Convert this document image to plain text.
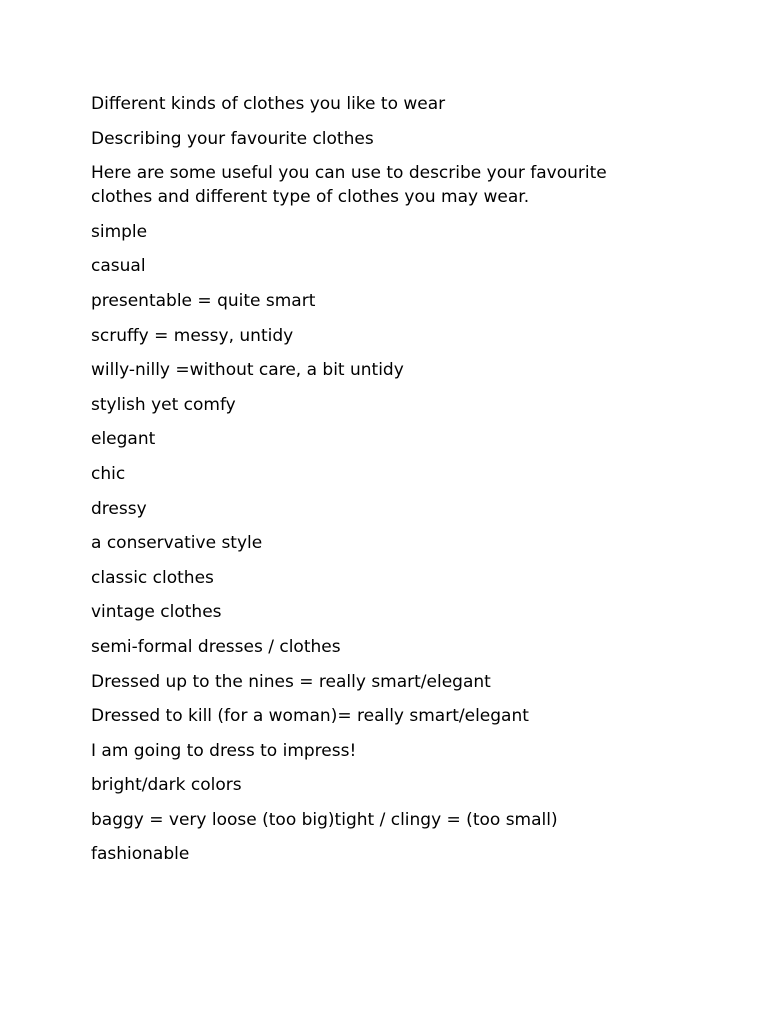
Different kinds of clothes you like to wear
Describing your favourite clothes
Here are some useful you can use to describe your favourite clothes and different type of clothes you may wear.
simple
casual
presentable = quite smart
scruffy = messy, untidy
willy-nilly =without care, a bit untidy
stylish yet comfy
elegant
chic
dressy
a conservative style
classic clothes
vintage clothes
semi-formal dresses / clothes
Dressed up to the nines = really smart/elegant
Dressed to kill (for a woman)= really smart/elegant
I am going to dress to impress!
bright/dark colors
baggy = very loose (too big)tight / clingy = (too small)
fashionable
